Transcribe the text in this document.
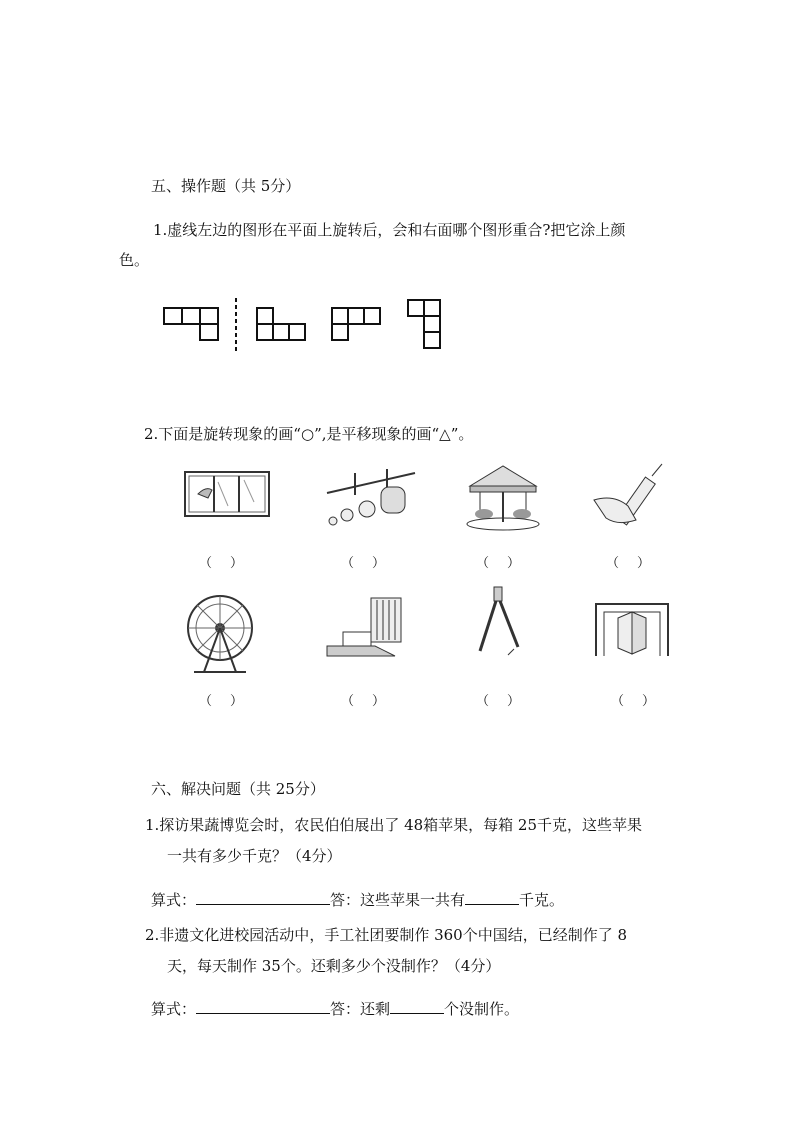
五、操作题（共 5分）
1.虚线左边的图形在平面上旋转后，会和右面哪个图形重合?把它涂上颜
色。
2.下面是旋转现象的画“○”,是平移现象的画“△”。
（ ）	（ ）	（ ）	（ ）
（ ）	（ ）	（ ）	（ ）
六、解决问题（共 25分）
1.探访果蔬博览会时，农民伯伯展出了 48箱苹果，每箱 25千克，这些苹果
一共有多少千克？（4分）
算式：	答：这些苹果一共有	千克。
2.非遗文化进校园活动中，手工社团要制作 360个中国结，已经制作了 8
天，每天制作 35个。还剩多少个没制作？（4分）
算式：	答：还剩	个没制作。
